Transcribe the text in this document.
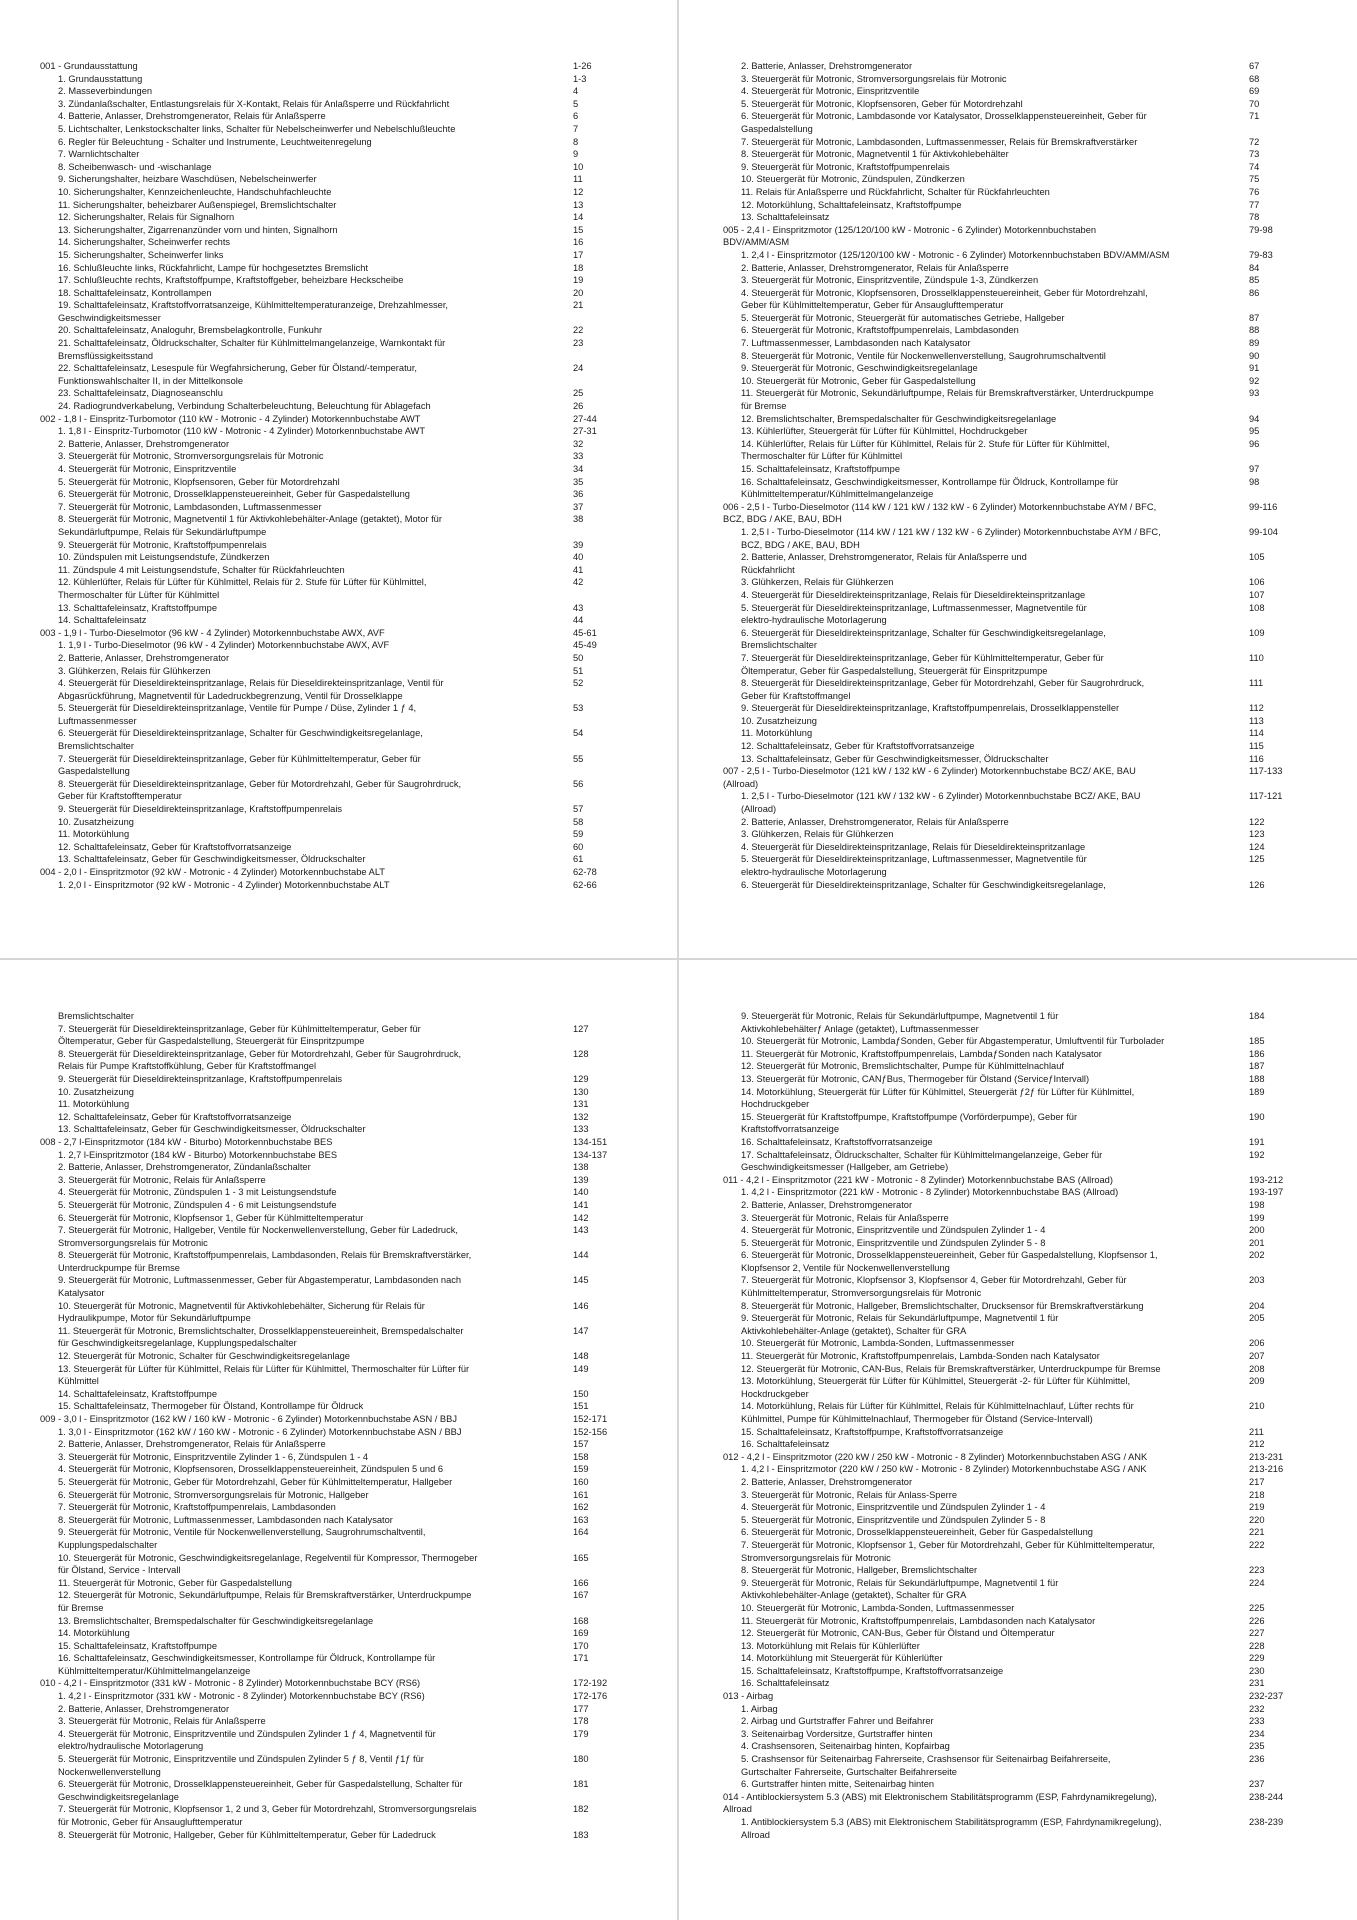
001 - Grundausstattung	1-26
1. Grundausstattung	1-3
2. Masseverbindungen	4
3. Zündanlaßschalter, Entlastungsrelais für X-Kontakt, Relais für Anlaßsperre und Rückfahrlicht	5
4. Batterie, Anlasser, Drehstromgenerator, Relais für Anlaßsperre	6
5. Lichtschalter, Lenkstockschalter links, Schalter für Nebelscheinwerfer und Nebelschlußleuchte	7
6. Regler für Beleuchtung - Schalter und Instrumente, Leuchtweitenregelung	8
7. Warnlichtschalter	9
8. Scheibenwasch- und -wischanlage	10
9. Sicherungshalter, heizbare Waschdüsen, Nebelscheinwerfer	11
10. Sicherungshalter, Kennzeichenleuchte, Handschuhfachleuchte	12
11. Sicherungshalter, beheizbarer Außenspiegel, Bremslichtschalter	13
12. Sicherungshalter, Relais für Signalhorn	14
13. Sicherungshalter, Zigarrenanzünder vorn und hinten, Signalhorn	15
14. Sicherungshalter, Scheinwerfer rechts	16
15. Sicherungshalter, Scheinwerfer links	17
16. Schlußleuchte links, Rückfahrlicht, Lampe für hochgesetztes Bremslicht	18
17. Schlußleuchte rechts, Kraftstoffpumpe, Kraftstoffgeber, beheizbare Heckscheibe	19
18. Schalttafeleinsatz, Kontrollampen	20
19. Schalttafeleinsatz, Kraftstoffvorratsanzeige, Kühlmitteltemperaturanzeige, Drehzahlmesser,	21
Geschwindigkeitsmesser
20. Schalttafeleinsatz, Analoguhr, Bremsbelagkontrolle, Funkuhr	22
21. Schalttafeleinsatz, Öldruckschalter, Schalter für Kühlmittelmangelanzeige, Warnkontakt für	23
Bremsflüssigkeitsstand
22. Schalttafeleinsatz, Lesespule für Wegfahrsicherung, Geber für Ölstand/-temperatur,	24
Funktionswahlschalter II, in der Mittelkonsole
23. Schalttafeleinsatz, Diagnoseanschlu	25
24. Radiogrundverkabelung, Verbindung Schalterbeleuchtung, Beleuchtung für Ablagefach	26
002 - 1,8 l - Einspritz-Turbomotor (110 kW - Motronic - 4 Zylinder) Motorkennbuchstabe AWT	27-44
1. 1,8 l - Einspritz-Turbomotor (110 kW - Motronic - 4 Zylinder) Motorkennbuchstabe AWT	27-31
2. Batterie, Anlasser, Drehstromgenerator	32
3. Steuergerät für Motronic, Stromversorgungsrelais für Motronic	33
4. Steuergerät für Motronic, Einspritzventile	34
5. Steuergerät für Motronic, Klopfsensoren, Geber für Motordrehzahl	35
6. Steuergerät für Motronic, Drosselklappensteuereinheit, Geber für Gaspedalstellung	36
7. Steuergerät für Motronic, Lambdasonden, Luftmassenmesser	37
8. Steuergerät für Motronic, Magnetventil 1 für Aktivkohlebehälter-Anlage (getaktet), Motor für	38
Sekundärluftpumpe, Relais für Sekundärluftpumpe
9. Steuergerät für Motronic, Kraftstoffpumpenrelais	39
10. Zündspulen mit Leistungsendstufe, Zündkerzen	40
11. Zündspule 4 mit Leistungsendstufe, Schalter für Rückfahrleuchten	41
12. Kühlerlüfter, Relais für Lüfter für Kühlmittel, Relais für 2. Stufe für Lüfter für Kühlmittel,	42
Thermoschalter für Lüfter für Kühlmittel
13. Schalttafeleinsatz, Kraftstoffpumpe	43
14. Schalttafeleinsatz	44
003 - 1,9 l - Turbo-Dieselmotor (96 kW - 4 Zylinder) Motorkennbuchstabe AWX, AVF	45-61
1. 1,9 l - Turbo-Dieselmotor (96 kW - 4 Zylinder) Motorkennbuchstabe AWX, AVF	45-49
2. Batterie, Anlasser, Drehstromgenerator	50
3. Glühkerzen, Relais für Glühkerzen	51
4. Steuergerät für Dieseldirekteinspritzanlage, Relais für Dieseldirekteinspritzanlage, Ventil für	52
Abgasrückführung, Magnetventil für Ladedruckbegrenzung, Ventil für Drosselklappe
5. Steuergerät für Dieseldirekteinspritzanlage, Ventile für Pumpe / Düse, Zylinder 1 ƒ 4,	53
Luftmassenmesser
6. Steuergerät für Dieseldirekteinspritzanlage, Schalter für Geschwindigkeitsregelanlage,	54
Bremslichtschalter
7. Steuergerät für Dieseldirekteinspritzanlage, Geber für Kühlmitteltemperatur, Geber für	55
Gaspedalstellung
8. Steuergerät für Dieseldirekteinspritzanlage, Geber für Motordrehzahl, Geber für Saugrohrdruck,	56
Geber für Kraftstofftemperatur
9. Steuergerät für Dieseldirekteinspritzanlage, Kraftstoffpumpenrelais	57
10. Zusatzheizung	58
11. Motorkühlung	59
12. Schalttafeleinsatz, Geber für Kraftstoffvorratsanzeige	60
13. Schalttafeleinsatz, Geber für Geschwindigkeitsmesser, Öldruckschalter	61
004 - 2,0 l - Einspritzmotor (92 kW - Motronic - 4 Zylinder) Motorkennbuchstabe ALT	62-78
1. 2,0 l - Einspritzmotor (92 kW - Motronic - 4 Zylinder) Motorkennbuchstabe ALT	62-66
2. Batterie, Anlasser, Drehstromgenerator	67
3. Steuergerät für Motronic, Stromversorgungsrelais für Motronic	68
4. Steuergerät für Motronic, Einspritzventile	69
5. Steuergerät für Motronic, Klopfsensoren, Geber für Motordrehzahl	70
6. Steuergerät für Motronic, Lambdasonde vor Katalysator, Drosselklappensteuereinheit, Geber für	71
Gaspedalstellung
7. Steuergerät für Motronic, Lambdasonden, Luftmassenmesser, Relais für Bremskraftverstärker	72
8. Steuergerät für Motronic, Magnetventil 1 für Aktivkohlebehälter	73
9. Steuergerät für Motronic, Kraftstoffpumpenrelais	74
10. Steuergerät für Motronic, Zündspulen, Zündkerzen	75
11. Relais für Anlaßsperre und Rückfahrlicht, Schalter für Rückfahrleuchten	76
12. Motorkühlung, Schalttafeleinsatz, Kraftstoffpumpe	77
13. Schalttafeleinsatz	78
005 - 2,4 l - Einspritzmotor (125/120/100 kW - Motronic - 6 Zylinder) Motorkennbuchstaben	79-98
BDV/AMM/ASM
1. 2,4 l - Einspritzmotor (125/120/100 kW - Motronic - 6 Zylinder) Motorkennbuchstaben BDV/AMM/ASM	79-83
2. Batterie, Anlasser, Drehstromgenerator, Relais für Anlaßsperre	84
3. Steuergerät für Motronic, Einspritzventile, Zündspule 1-3, Zündkerzen	85
4. Steuergerät für Motronic, Klopfsensoren, Drosselklappensteuereinheit, Geber für Motordrehzahl,	86
Geber für Kühlmitteltemperatur, Geber für Ansauglufttemperatur
5. Steuergerät für Motronic, Steuergerät für automatisches Getriebe, Hallgeber	87
6. Steuergerät für Motronic, Kraftstoffpumpenrelais, Lambdasonden	88
7. Luftmassenmesser, Lambdasonden nach Katalysator	89
8. Steuergerät für Motronic, Ventile für Nockenwellenverstellung, Saugrohrumschaltventil	90
9. Steuergerät für Motronic, Geschwindigkeitsregelanlage	91
10. Steuergerät für Motronic, Geber für Gaspedalstellung	92
11. Steuergerät für Motronic, Sekundärluftpumpe, Relais für Bremskraftverstärker, Unterdruckpumpe	93
für Bremse
12. Bremslichtschalter, Bremspedalschalter für Geschwindigkeitsregelanlage	94
13. Kühlerlüfter, Steuergerät für Lüfter für Kühlmittel, Hochdruckgeber	95
14. Kühlerlüfter, Relais für Lüfter für Kühlmittel, Relais für 2. Stufe für Lüfter für Kühlmittel,	96
Thermoschalter für Lüfter für Kühlmittel
15. Schalttafeleinsatz, Kraftstoffpumpe	97
16. Schalttafeleinsatz, Geschwindigkeitsmesser, Kontrollampe für Öldruck, Kontrollampe für	98
Kühlmitteltemperatur/Kühlmittelmangelanzeige
006 - 2,5 l - Turbo-Dieselmotor (114 kW / 121 kW / 132 kW - 6 Zylinder) Motorkennbuchstabe AYM / BFC,	99-116
BCZ, BDG / AKE, BAU, BDH
1. 2,5 l - Turbo-Dieselmotor (114 kW / 121 kW / 132 kW - 6 Zylinder) Motorkennbuchstabe AYM / BFC,	99-104
BCZ, BDG / AKE, BAU, BDH
2. Batterie, Anlasser, Drehstromgenerator, Relais für Anlaßsperre und	105
Rückfahrlicht
3. Glühkerzen, Relais für Glühkerzen	106
4. Steuergerät für Dieseldirekteinspritzanlage, Relais für Dieseldirekteinspritzanlage	107
5. Steuergerät für Dieseldirekteinspritzanlage, Luftmassenmesser, Magnetventile für	108
elektro-hydraulische Motorlagerung
6. Steuergerät für Dieseldirekteinspritzanlage, Schalter für Geschwindigkeitsregelanlage,	109
Bremslichtschalter
7. Steuergerät für Dieseldirekteinspritzanlage, Geber für Kühlmitteltemperatur, Geber für	110
Öltemperatur, Geber für Gaspedalstellung, Steuergerät für Einspritzpumpe
8. Steuergerät für Dieseldirekteinspritzanlage, Geber für Motordrehzahl, Geber für Saugrohrdruck,	111
Geber für Kraftstoffmangel
9. Steuergerät für Dieseldirekteinspritzanlage, Kraftstoffpumpenrelais, Drosselklappensteller	112
10. Zusatzheizung	113
11. Motorkühlung	114
12. Schalttafeleinsatz, Geber für Kraftstoffvorratsanzeige	115
13. Schalttafeleinsatz, Geber für Geschwindigkeitsmesser, Öldruckschalter	116
007 - 2,5 l - Turbo-Dieselmotor (121 kW / 132 kW - 6 Zylinder) Motorkennbuchstabe BCZ/ AKE, BAU	117-133
(Allroad)
1. 2,5 l - Turbo-Dieselmotor (121 kW / 132 kW - 6 Zylinder) Motorkennbuchstabe BCZ/ AKE, BAU	117-121
(Allroad)
2. Batterie, Anlasser, Drehstromgenerator, Relais für Anlaßsperre	122
3. Glühkerzen, Relais für Glühkerzen	123
4. Steuergerät für Dieseldirekteinspritzanlage, Relais für Dieseldirekteinspritzanlage	124
5. Steuergerät für Dieseldirekteinspritzanlage, Luftmassenmesser, Magnetventile für	125
elektro-hydraulische Motorlagerung
6. Steuergerät für Dieseldirekteinspritzanlage, Schalter für Geschwindigkeitsregelanlage,	126
Bremslichtschalter
7. Steuergerät für Dieseldirekteinspritzanlage, Geber für Kühlmitteltemperatur, Geber für	127
Öltemperatur, Geber für Gaspedalstellung, Steuergerät für Einspritzpumpe
8. Steuergerät für Dieseldirekteinspritzanlage, Geber für Motordrehzahl, Geber für Saugrohrdruck,	128
Relais für Pumpe Kraftstoffkühlung, Geber für Kraftstoffmangel
9. Steuergerät für Dieseldirekteinspritzanlage, Kraftstoffpumpenrelais	129
10. Zusatzheizung	130
11. Motorkühlung	131
12. Schalttafeleinsatz, Geber für Kraftstoffvorratsanzeige	132
13. Schalttafeleinsatz, Geber für Geschwindigkeitsmesser, Öldruckschalter	133
008 - 2,7 l-Einspritzmotor (184 kW - Biturbo) Motorkennbuchstabe BES	134-151
1. 2,7 l-Einspritzmotor (184 kW - Biturbo) Motorkennbuchstabe BES	134-137
2. Batterie, Anlasser, Drehstromgenerator, Zündanlaßschalter	138
3. Steuergerät für Motronic, Relais für Anlaßsperre	139
4. Steuergerät für Motronic, Zündspulen 1 - 3 mit Leistungsendstufe	140
5. Steuergerät für Motronic, Zündspulen 4 - 6 mit Leistungsendstufe	141
6. Steuergerät für Motronic, Klopfsensor 1, Geber für Kühlmitteltemperatur	142
7. Steuergerät für Motronic, Hallgeber, Ventile für Nockenwellenverstellung, Geber für Ladedruck,	143
Stromversorgungsrelais für Motronic
8. Steuergerät für Motronic, Kraftstoffpumpenrelais, Lambdasonden, Relais für Bremskraftverstärker,	144
Unterdruckpumpe für Bremse
9. Steuergerät für Motronic, Luftmassenmesser, Geber für Abgastemperatur, Lambdasonden nach	145
Katalysator
10. Steuergerät für Motronic, Magnetventil für Aktivkohlebehälter, Sicherung für Relais für	146
Hydraulikpumpe, Motor für Sekundärluftpumpe
11. Steuergerät für Motronic, Bremslichtschalter, Drosselklappensteuereinheit, Bremspedalschalter	147
für Geschwindigkeitsregelanlage, Kupplungspedalschalter
12. Steuergerät für Motronic, Schalter für Geschwindigkeitsregelanlage	148
13. Steuergerät für Lüfter für Kühlmittel, Relais für Lüfter für Kühlmittel, Thermoschalter für Lüfter für	149
Kühlmittel
14. Schalttafeleinsatz, Kraftstoffpumpe	150
15. Schalttafeleinsatz, Thermogeber für Ölstand, Kontrollampe für Öldruck	151
009 - 3,0 l - Einspritzmotor (162 kW / 160 kW - Motronic - 6 Zylinder) Motorkennbuchstabe ASN / BBJ	152-171
1. 3,0 l - Einspritzmotor (162 kW / 160 kW - Motronic - 6 Zylinder) Motorkennbuchstabe ASN / BBJ	152-156
2. Batterie, Anlasser, Drehstromgenerator, Relais für Anlaßsperre	157
3. Steuergerät für Motronic, Einspritzventile Zylinder 1 - 6, Zündspulen 1 - 4	158
4. Steuergerät für Motronic, Klopfsensoren, Drosselklappensteuereinheit, Zündspulen 5 und 6	159
5. Steuergerät für Motronic, Geber für Motordrehzahl, Geber für Kühlmitteltemperatur, Hallgeber	160
6. Steuergerät für Motronic, Stromversorgungsrelais für Motronic, Hallgeber	161
7. Steuergerät für Motronic, Kraftstoffpumpenrelais, Lambdasonden	162
8. Steuergerät für Motronic, Luftmassenmesser, Lambdasonden nach Katalysator	163
9. Steuergerät für Motronic, Ventile für Nockenwellenverstellung, Saugrohrumschaltventil,	164
Kupplungspedalschalter
10. Steuergerät für Motronic, Geschwindigkeitsregelanlage, Regelventil für Kompressor, Thermogeber	165
für Ölstand, Service - Intervall
11. Steuergerät für Motronic, Geber für Gaspedalstellung	166
12. Steuergerät für Motronic, Sekundärluftpumpe, Relais für Bremskraftverstärker, Unterdruckpumpe	167
für Bremse
13. Bremslichtschalter, Bremspedalschalter für Geschwindigkeitsregelanlage	168
14. Motorkühlung	169
15. Schalttafeleinsatz, Kraftstoffpumpe	170
16. Schalttafeleinsatz, Geschwindigkeitsmesser, Kontrollampe für Öldruck, Kontrollampe für	171
Kühlmitteltemperatur/Kühlmittelmangelanzeige
010 - 4,2 l - Einspritzmotor (331 kW - Motronic - 8 Zylinder) Motorkennbuchstabe BCY (RS6)	172-192
1. 4,2 l - Einspritzmotor (331 kW - Motronic - 8 Zylinder) Motorkennbuchstabe BCY (RS6)	172-176
2. Batterie, Anlasser, Drehstromgenerator	177
3. Steuergerät für Motronic, Relais für Anlaßsperre	178
4. Steuergerät für Motronic, Einspritzventile und Zündspulen Zylinder 1 ƒ 4, Magnetventil für	179
elektro/hydraulische Motorlagerung
5. Steuergerät für Motronic, Einspritzventile und Zündspulen Zylinder 5 ƒ 8, Ventil ƒ1ƒ für	180
Nockenwellenverstellung
6. Steuergerät für Motronic, Drosselklappensteuereinheit, Geber für Gaspedalstellung, Schalter für	181
Geschwindigkeitsregelanlage
7. Steuergerät für Motronic, Klopfsensor 1, 2 und 3, Geber für Motordrehzahl, Stromversorgungsrelais	182
für Motronic, Geber für Ansauglufttemperatur
8. Steuergerät für Motronic, Hallgeber, Geber für Kühlmitteltemperatur, Geber für Ladedruck	183
9. Steuergerät für Motronic, Relais für Sekundärluftpumpe, Magnetventil 1 für	184
Aktivkohlebehälterƒ Anlage (getaktet), Luftmassenmesser
10. Steuergerät für Motronic, LambdaƒSonden, Geber für Abgastemperatur, Umluftventil für Turbolader	185
11. Steuergerät für Motronic, Kraftstoffpumpenrelais, LambdaƒSonden nach Katalysator	186
12. Steuergerät für Motronic, Bremslichtschalter, Pumpe für Kühlmittelnachlauf	187
13. Steuergerät für Motronic, CANƒBus, Thermogeber für Ölstand (ServiceƒIntervall)	188
14. Motorkühlung, Steuergerät für Lüfter für Kühlmittel, Steuergerät ƒ2ƒ für Lüfter für Kühlmittel,	189
Hochdruckgeber
15. Steuergerät für Kraftstoffpumpe, Kraftstoffpumpe (Vorförderpumpe), Geber für	190
Kraftstoffvorratsanzeige
16. Schalttafeleinsatz, Kraftstoffvorratsanzeige	191
17. Schalttafeleinsatz, Öldruckschalter, Schalter für Kühlmittelmangelanzeige, Geber für	192
Geschwindigkeitsmesser (Hallgeber, am Getriebe)
011 - 4,2 l - Einspritzmotor (221 kW - Motronic - 8 Zylinder) Motorkennbuchstabe BAS (Allroad)	193-212
1. 4,2 l - Einspritzmotor (221 kW - Motronic - 8 Zylinder) Motorkennbuchstabe BAS (Allroad)	193-197
2. Batterie, Anlasser, Drehstromgenerator	198
3. Steuergerät für Motronic, Relais für Anlaßsperre	199
4. Steuergerät für Motronic, Einspritzventile und Zündspulen Zylinder 1 - 4	200
5. Steuergerät für Motronic, Einspritzventile und Zündspulen Zylinder 5 - 8	201
6. Steuergerät für Motronic, Drosselklappensteuereinheit, Geber für Gaspedalstellung, Klopfsensor 1,	202
Klopfsensor 2, Ventile für Nockenwellenverstellung
7. Steuergerät für Motronic, Klopfsensor 3, Klopfsensor 4, Geber für Motordrehzahl, Geber für	203
Kühlmitteltemperatur, Stromversorgungsrelais für Motronic
8. Steuergerät für Motronic, Hallgeber, Bremslichtschalter, Drucksensor für Bremskraftverstärkung	204
9. Steuergerät für Motronic, Relais für Sekundärluftpumpe, Magnetventil 1 für	205
Aktivkohlebehälter-Anlage (getaktet), Schalter für GRA
10. Steuergerät für Motronic, Lambda-Sonden, Luftmassenmesser	206
11. Steuergerät für Motronic, Kraftstoffpumpenrelais, Lambda-Sonden nach Katalysator	207
12. Steuergerät für Motronic, CAN-Bus, Relais für Bremskraftverstärker, Unterdruckpumpe für Bremse	208
13. Motorkühlung, Steuergerät für Lüfter für Kühlmittel, Steuergerät -2- für Lüfter für Kühlmittel,	209
Hockdruckgeber
14. Motorkühlung, Relais für Lüfter für Kühlmittel, Relais für Kühlmittelnachlauf, Lüfter rechts für	210
Kühlmittel, Pumpe für Kühlmittelnachlauf, Thermogeber für Ölstand (Service-Intervall)
15. Schalttafeleinsatz, Kraftstoffpumpe, Kraftstoffvorratsanzeige	211
16. Schalttafeleinsatz	212
012 - 4,2 l - Einspritzmotor (220 kW / 250 kW - Motronic - 8 Zylinder) Motorkennbuchstaben ASG / ANK	213-231
1. 4,2 l - Einspritzmotor (220 kW / 250 kW - Motronic - 8 Zylinder) Motorkennbuchstabe ASG / ANK	213-216
2. Batterie, Anlasser, Drehstromgenerator	217
3. Steuergerät für Motronic, Relais für Anlass-Sperre	218
4. Steuergerät für Motronic, Einspritzventile und Zündspulen Zylinder 1 - 4	219
5. Steuergerät für Motronic, Einspritzventile und Zündspulen Zylinder 5 - 8	220
6. Steuergerät für Motronic, Drosselklappensteuereinheit, Geber für Gaspedalstellung	221
7. Steuergerät für Motronic, Klopfsensor 1, Geber für Motordrehzahl, Geber für Kühlmitteltemperatur,	222
Stromversorgungsrelais für Motronic
8. Steuergerät für Motronic, Hallgeber, Bremslichtschalter	223
9. Steuergerät für Motronic, Relais für Sekundärluftpumpe, Magnetventil 1 für	224
Aktivkohlebehälter-Anlage (getaktet), Schalter für GRA
10. Steuergerät für Motronic, Lambda-Sonden, Luftmassenmesser	225
11. Steuergerät für Motronic, Kraftstoffpumpenrelais, Lambdasonden nach Katalysator	226
12. Steuergerät für Motronic, CAN-Bus, Geber für Ölstand und Öltemperatur	227
13. Motorkühlung mit Relais für Kühlerlüfter	228
14. Motorkühlung mit Steuergerät für Kühlerlüfter	229
15. Schalttafeleinsatz, Kraftstoffpumpe, Kraftstoffvorratsanzeige	230
16. Schalttafeleinsatz	231
013 - Airbag	232-237
1. Airbag	232
2. Airbag und Gurtstraffer Fahrer und Beifahrer	233
3. Seitenairbag Vordersitze, Gurtstraffer hinten	234
4. Crashsensoren, Seitenairbag hinten, Kopfairbag	235
5. Crashsensor für Seitenairbag Fahrerseite, Crashsensor für Seitenairbag Beifahrerseite,	236
Gurtschalter Fahrerseite, Gurtschalter Beifahrerseite
6. Gurtstraffer hinten mitte, Seitenairbag hinten	237
014 - Antiblockiersystem 5.3 (ABS) mit Elektronischem Stabilitätsprogramm (ESP, Fahrdynamikregelung),	238-244
Allroad
1. Antiblockiersystem 5.3 (ABS) mit Elektronischem Stabilitätsprogramm (ESP, Fahrdynamikregelung),	238-239
Allroad
